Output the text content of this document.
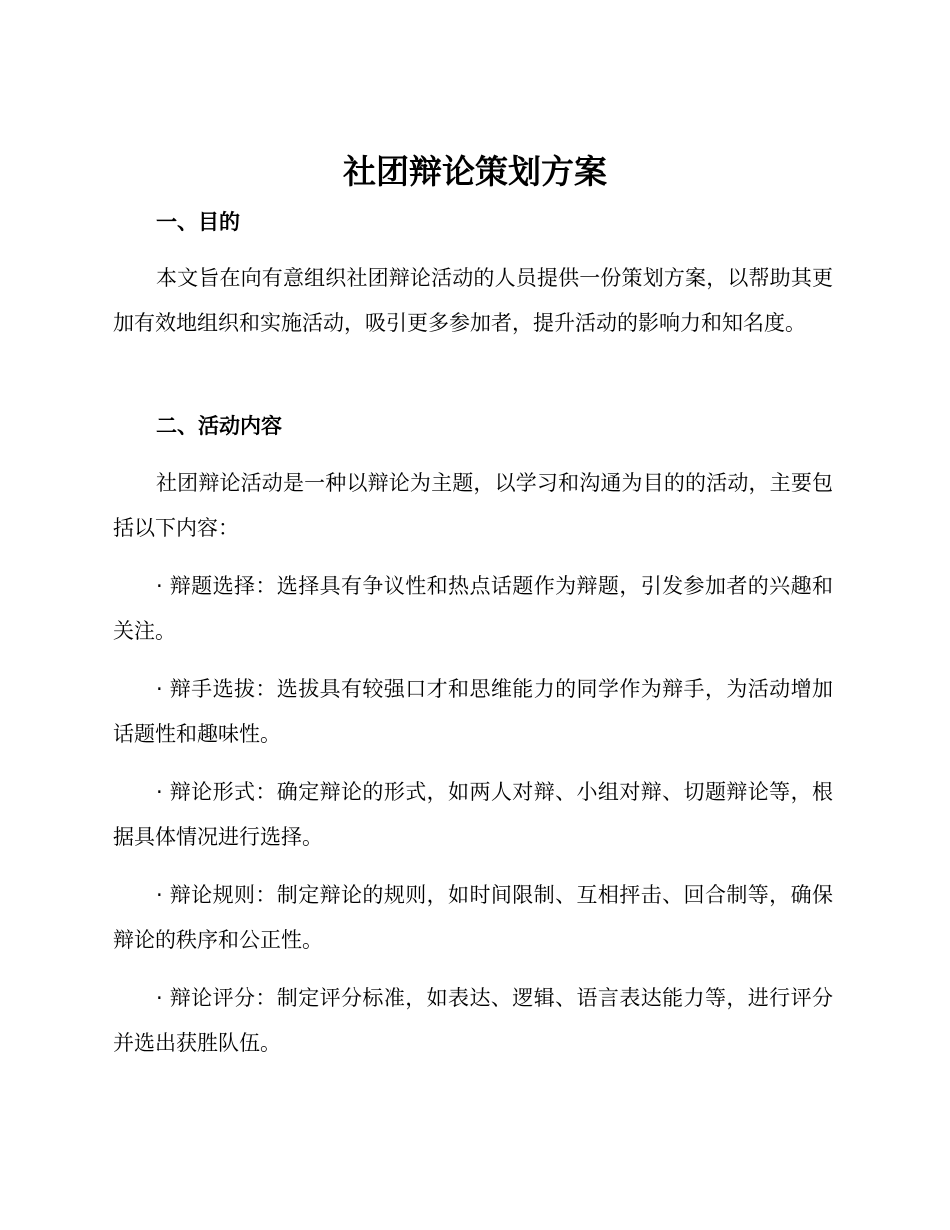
社团辩论策划方案
一、目的

本文旨在向有意组织社团辩论活动的人员提供一份策划方案，以帮助其更加有效地组织和实施活动，吸引更多参加者，提升活动的影响力和知名度。

二、活动内容

社团辩论活动是一种以辩论为主题，以学习和沟通为目的的活动，主要包括以下内容：

· 辩题选择：选择具有争议性和热点话题作为辩题，引发参加者的兴趣和关注。

· 辩手选拔：选拔具有较强口才和思维能力的同学作为辩手，为活动增加话题性和趣味性。

· 辩论形式：确定辩论的形式，如两人对辩、小组对辩、切题辩论等，根据具体情况进行选择。

· 辩论规则：制定辩论的规则，如时间限制、互相抨击、回合制等，确保辩论的秩序和公正性。

· 辩论评分：制定评分标准，如表达、逻辑、语言表达能力等，进行评分并选出获胜队伍。
